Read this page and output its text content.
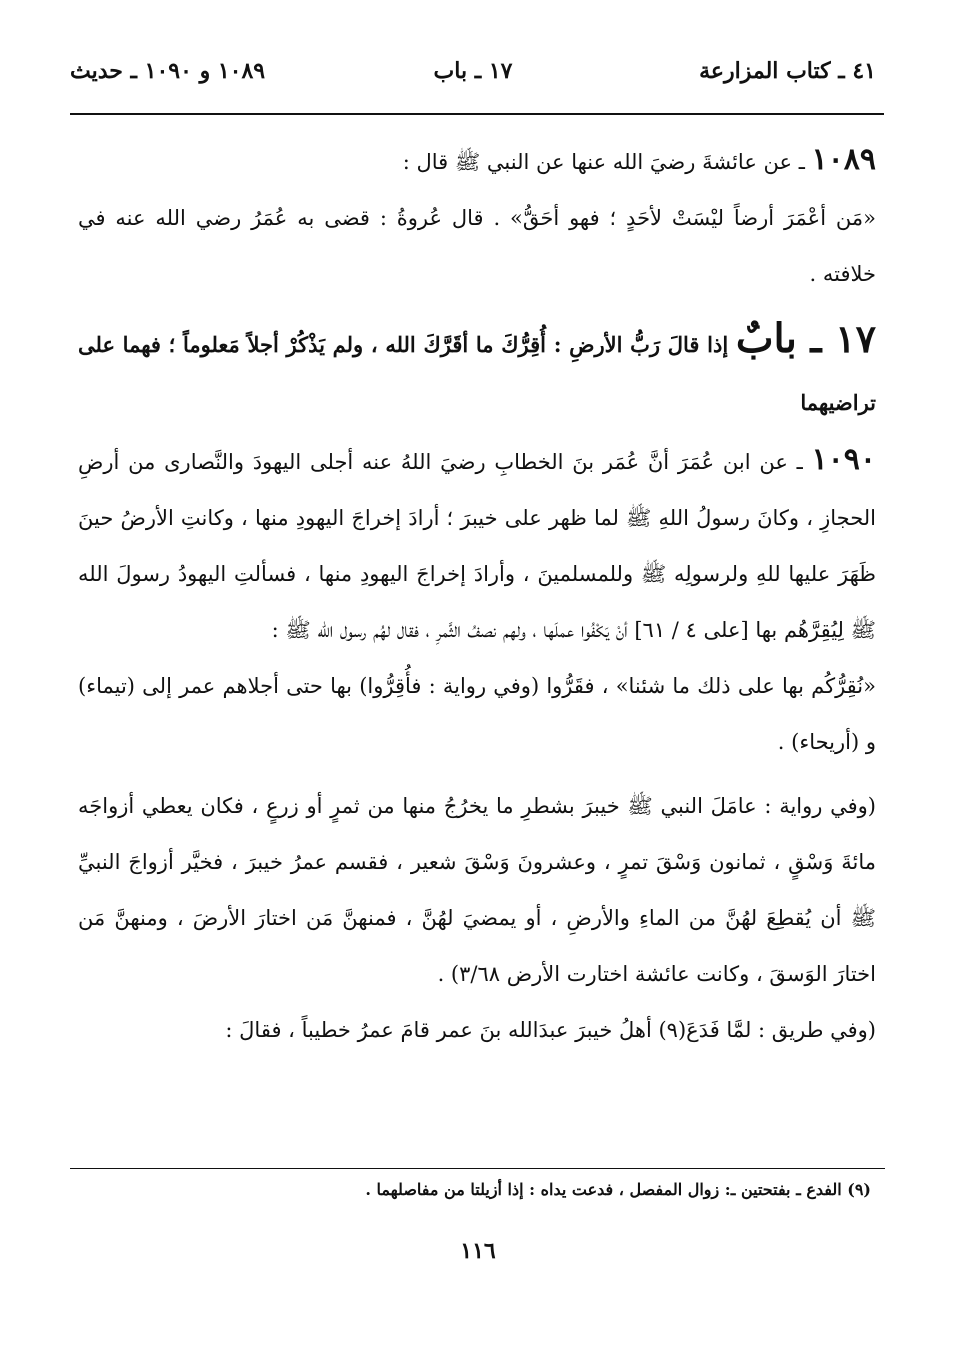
٤١ ـ كتاب المزارعة
١٧ ـ باب
١٠٨٩ و ١٠٩٠ ـ حديث

١٠٨٩ ـ عن عائشةَ رضيَ الله عنها عن النبي ﷺ قال :

«مَن أعْمَرَ أرضاً ليْسَتْ لأحَدٍ ؛ فهو أحَقُّ» . قال عُروةُ : قضى به عُمَرُ رضي الله عنه في خلافته .

١٧ ـ بابٌ إذا قالَ رَبُّ الأرضِ : أُقِرُّكَ ما أقَرَّكَ الله ، ولم يَذْكُرْ أجلاً مَعلوماً ؛ فهما على تراضيهما

١٠٩٠ ـ عن ابن عُمَرَ أنَّ عُمَر بنَ الخطابِ رضيَ اللهُ عنه أجلى اليهودَ والنَّصارى من أرضِ الحجازِ ، وكانَ رسولُ اللهِ ﷺ لما ظهر على خيبرَ ؛ أرادَ إخراجَ اليهودِ منها ، وكانتِ الأرضُ حينَ ظَهَرَ عليها للهِ ولرسولِه ﷺ وللمسلمينَ ، وأرادَ إخراجَ اليهودِ منها ، فسألتِ اليهودُ رسولَ الله ﷺ لِيُقِرَّهُم بها [على ٤ / ٦١] أنْ يَكْفُوا عملَها ، ولهم نصفُ الثَّمرِ ، فقال لهُم رسول الله ﷺ :

«نُقِرُّكُم بها على ذلك ما شئنا» ، فقَرُّوا (وفي رواية : فأُقِرُّوا) بها حتى أجلاهم عمر إلى (تيماء) و (أريحاء) .

(وفي رواية : عامَلَ النبي ﷺ خيبرَ بشطرِ ما يخرُجُ منها من ثمرٍ أو زرعٍ ، فكان يعطي أزواجَه مائةَ وَسْقٍ ، ثمانون وَسْقَ تمرٍ ، وعشرونَ وَسْقَ شعير ، فقسم عمرُ خيبرَ ، فخيَّر أزواجَ النبيِّ ﷺ أن يُقطِعَ لهُنَّ من الماءِ والأرضِ ، أو يمضيَ لهُنَّ ، فمنهنَّ مَن اختارَ الأرضَ ، ومنهنَّ مَن اختارَ الوَسقَ ، وكانت عائشة اختارت الأرض ٣/٦٨) .

(وفي طريق : لمَّا فَدَعَ(٩) أهلُ خيبرَ عبدَالله بنَ عمر قامَ عمرُ خطيباً ، فقالَ :

(٩) الفدع ـ بفتحتين ـ: زوال المفصل ، فدعت يداه : إذا أزيلتا من مفاصلهما .
١١٦
